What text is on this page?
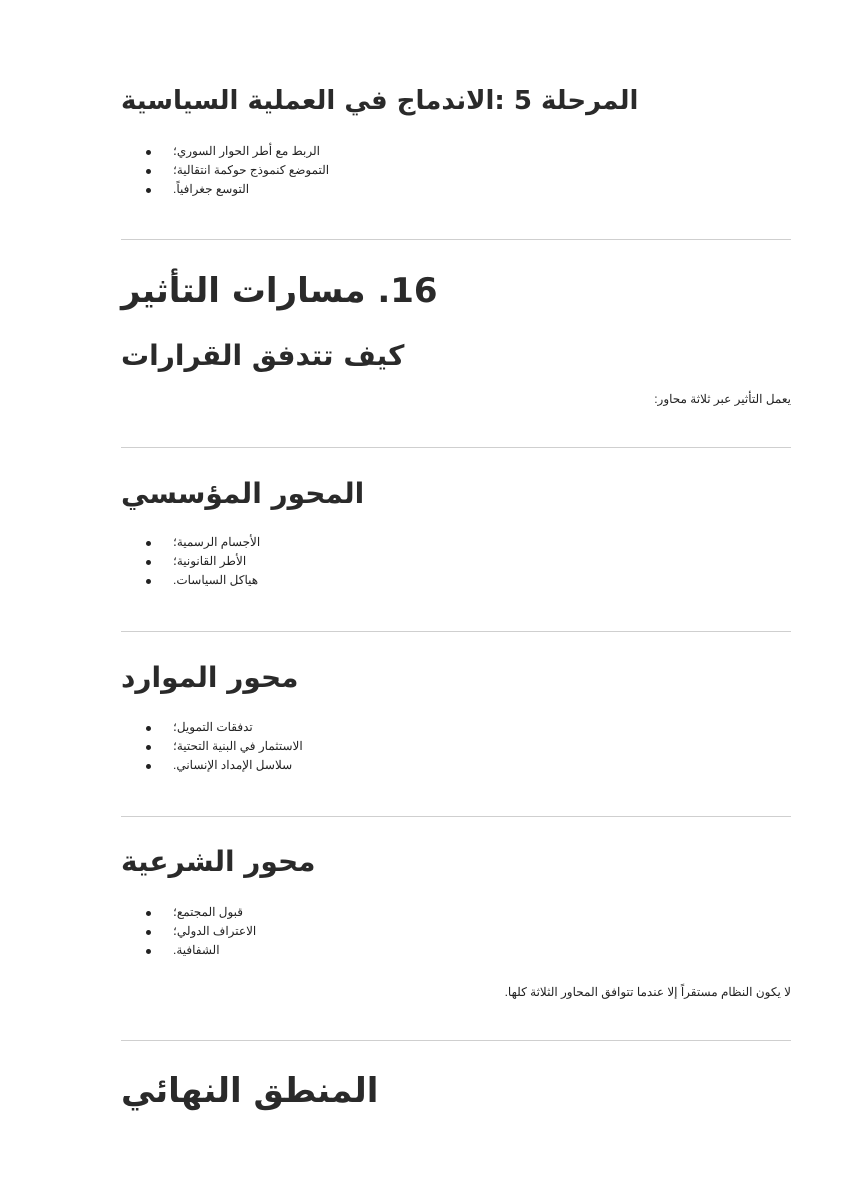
المرحلة 5 :الاندماج في العملية السياسية
الربط مع أطر الحوار السوري؛
التموضع كنموذج حوكمة انتقالية؛
التوسع جغرافياً.
16. مسارات التأثير
كيف تتدفق القرارات

يعمل التأثير عبر ثلاثة محاور:

المحور المؤسسي
الأجسام الرسمية؛
الأطر القانونية؛
هياكل السياسات.
محور الموارد
تدفقات التمويل؛
الاستثمار في البنية التحتية؛
سلاسل الإمداد الإنساني.
محور الشرعية
قبول المجتمع؛
الاعتراف الدولي؛
الشفافية.

لا يكون النظام مستقراً إلا عندما تتوافق المحاور الثلاثة كلها.

المنطق النهائي
